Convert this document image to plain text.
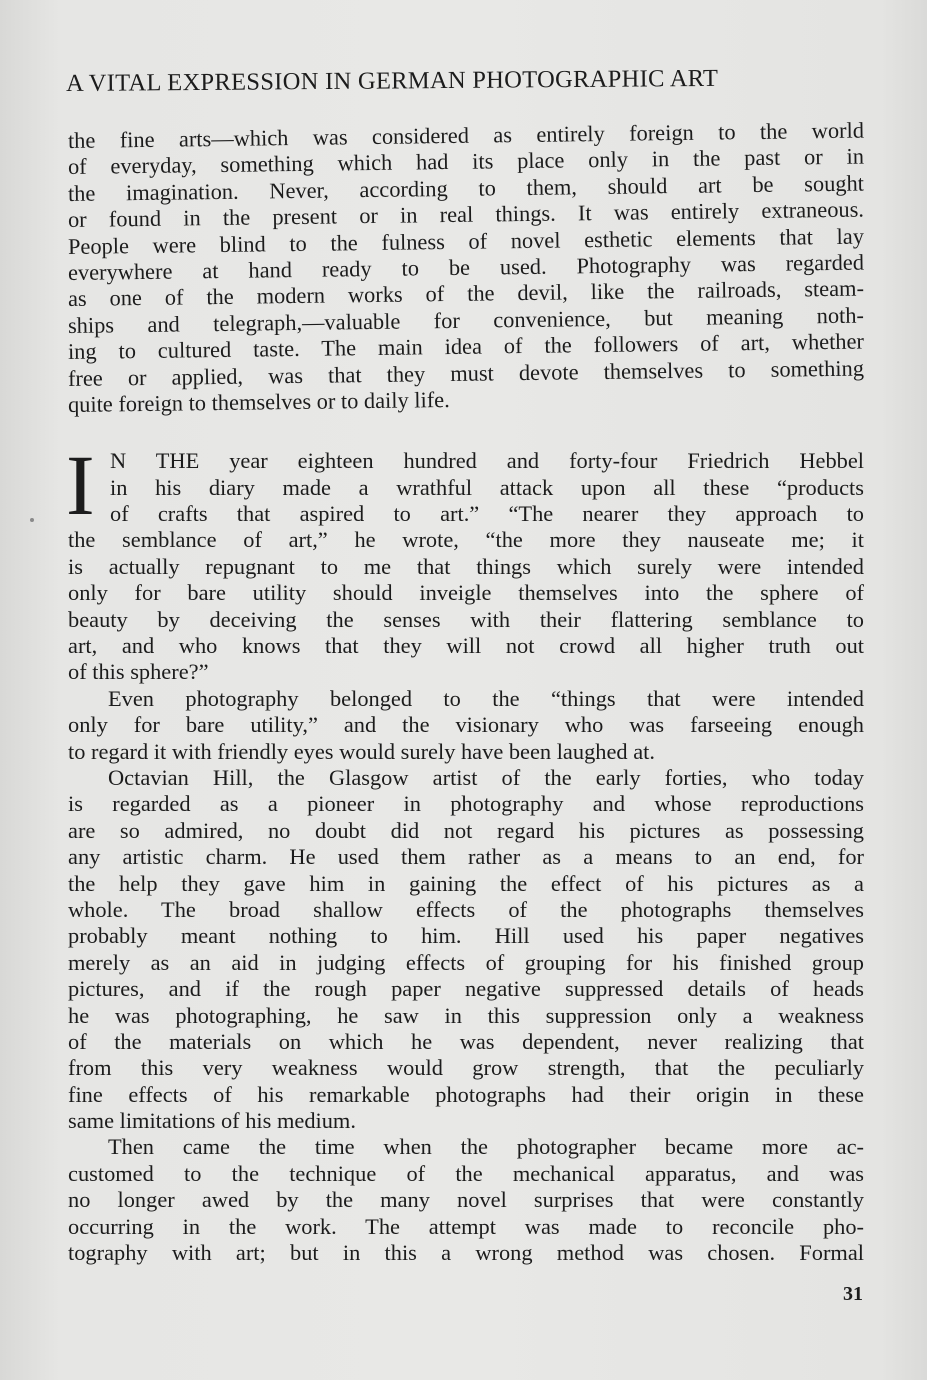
A VITAL EXPRESSION IN GERMAN PHOTOGRAPHIC ART
the fine arts—which was considered as entirely foreign to the world
of everyday, something which had its place only in the past or in
the imagination. Never, according to them, should art be sought
or found in the present or in real things. It was entirely extraneous.
People were blind to the fulness of novel esthetic elements that lay
everywhere at hand ready to be used. Photography was regarded
as one of the modern works of the devil, like the railroads, steam-
ships and telegraph,—valuable for convenience, but meaning noth-
ing to cultured taste. The main idea of the followers of art, whether
free or applied, was that they must devote themselves to something
quite foreign to themselves or to daily life.
I N THE year eighteen hundred and forty-four Friedrich Hebbel
in his diary made a wrathful attack upon all these “products
of crafts that aspired to art.” “The nearer they approach to
the semblance of art,” he wrote, “the more they nauseate me; it
is actually repugnant to me that things which surely were intended
only for bare utility should inveigle themselves into the sphere of
beauty by deceiving the senses with their flattering semblance to
art, and who knows that they will not crowd all higher truth out
of this sphere?”
Even photography belonged to the “things that were intended
only for bare utility,” and the visionary who was farseeing enough
to regard it with friendly eyes would surely have been laughed at.
Octavian Hill, the Glasgow artist of the early forties, who today
is regarded as a pioneer in photography and whose reproductions
are so admired, no doubt did not regard his pictures as possessing
any artistic charm. He used them rather as a means to an end, for
the help they gave him in gaining the effect of his pictures as a
whole. The broad shallow effects of the photographs themselves
probably meant nothing to him. Hill used his paper negatives
merely as an aid in judging effects of grouping for his finished group
pictures, and if the rough paper negative suppressed details of heads
he was photographing, he saw in this suppression only a weakness
of the materials on which he was dependent, never realizing that
from this very weakness would grow strength, that the peculiarly
fine effects of his remarkable photographs had their origin in these
same limitations of his medium.
Then came the time when the photographer became more ac-
customed to the technique of the mechanical apparatus, and was
no longer awed by the many novel surprises that were constantly
occurring in the work. The attempt was made to reconcile pho-
tography with art; but in this a wrong method was chosen. Formal
31
